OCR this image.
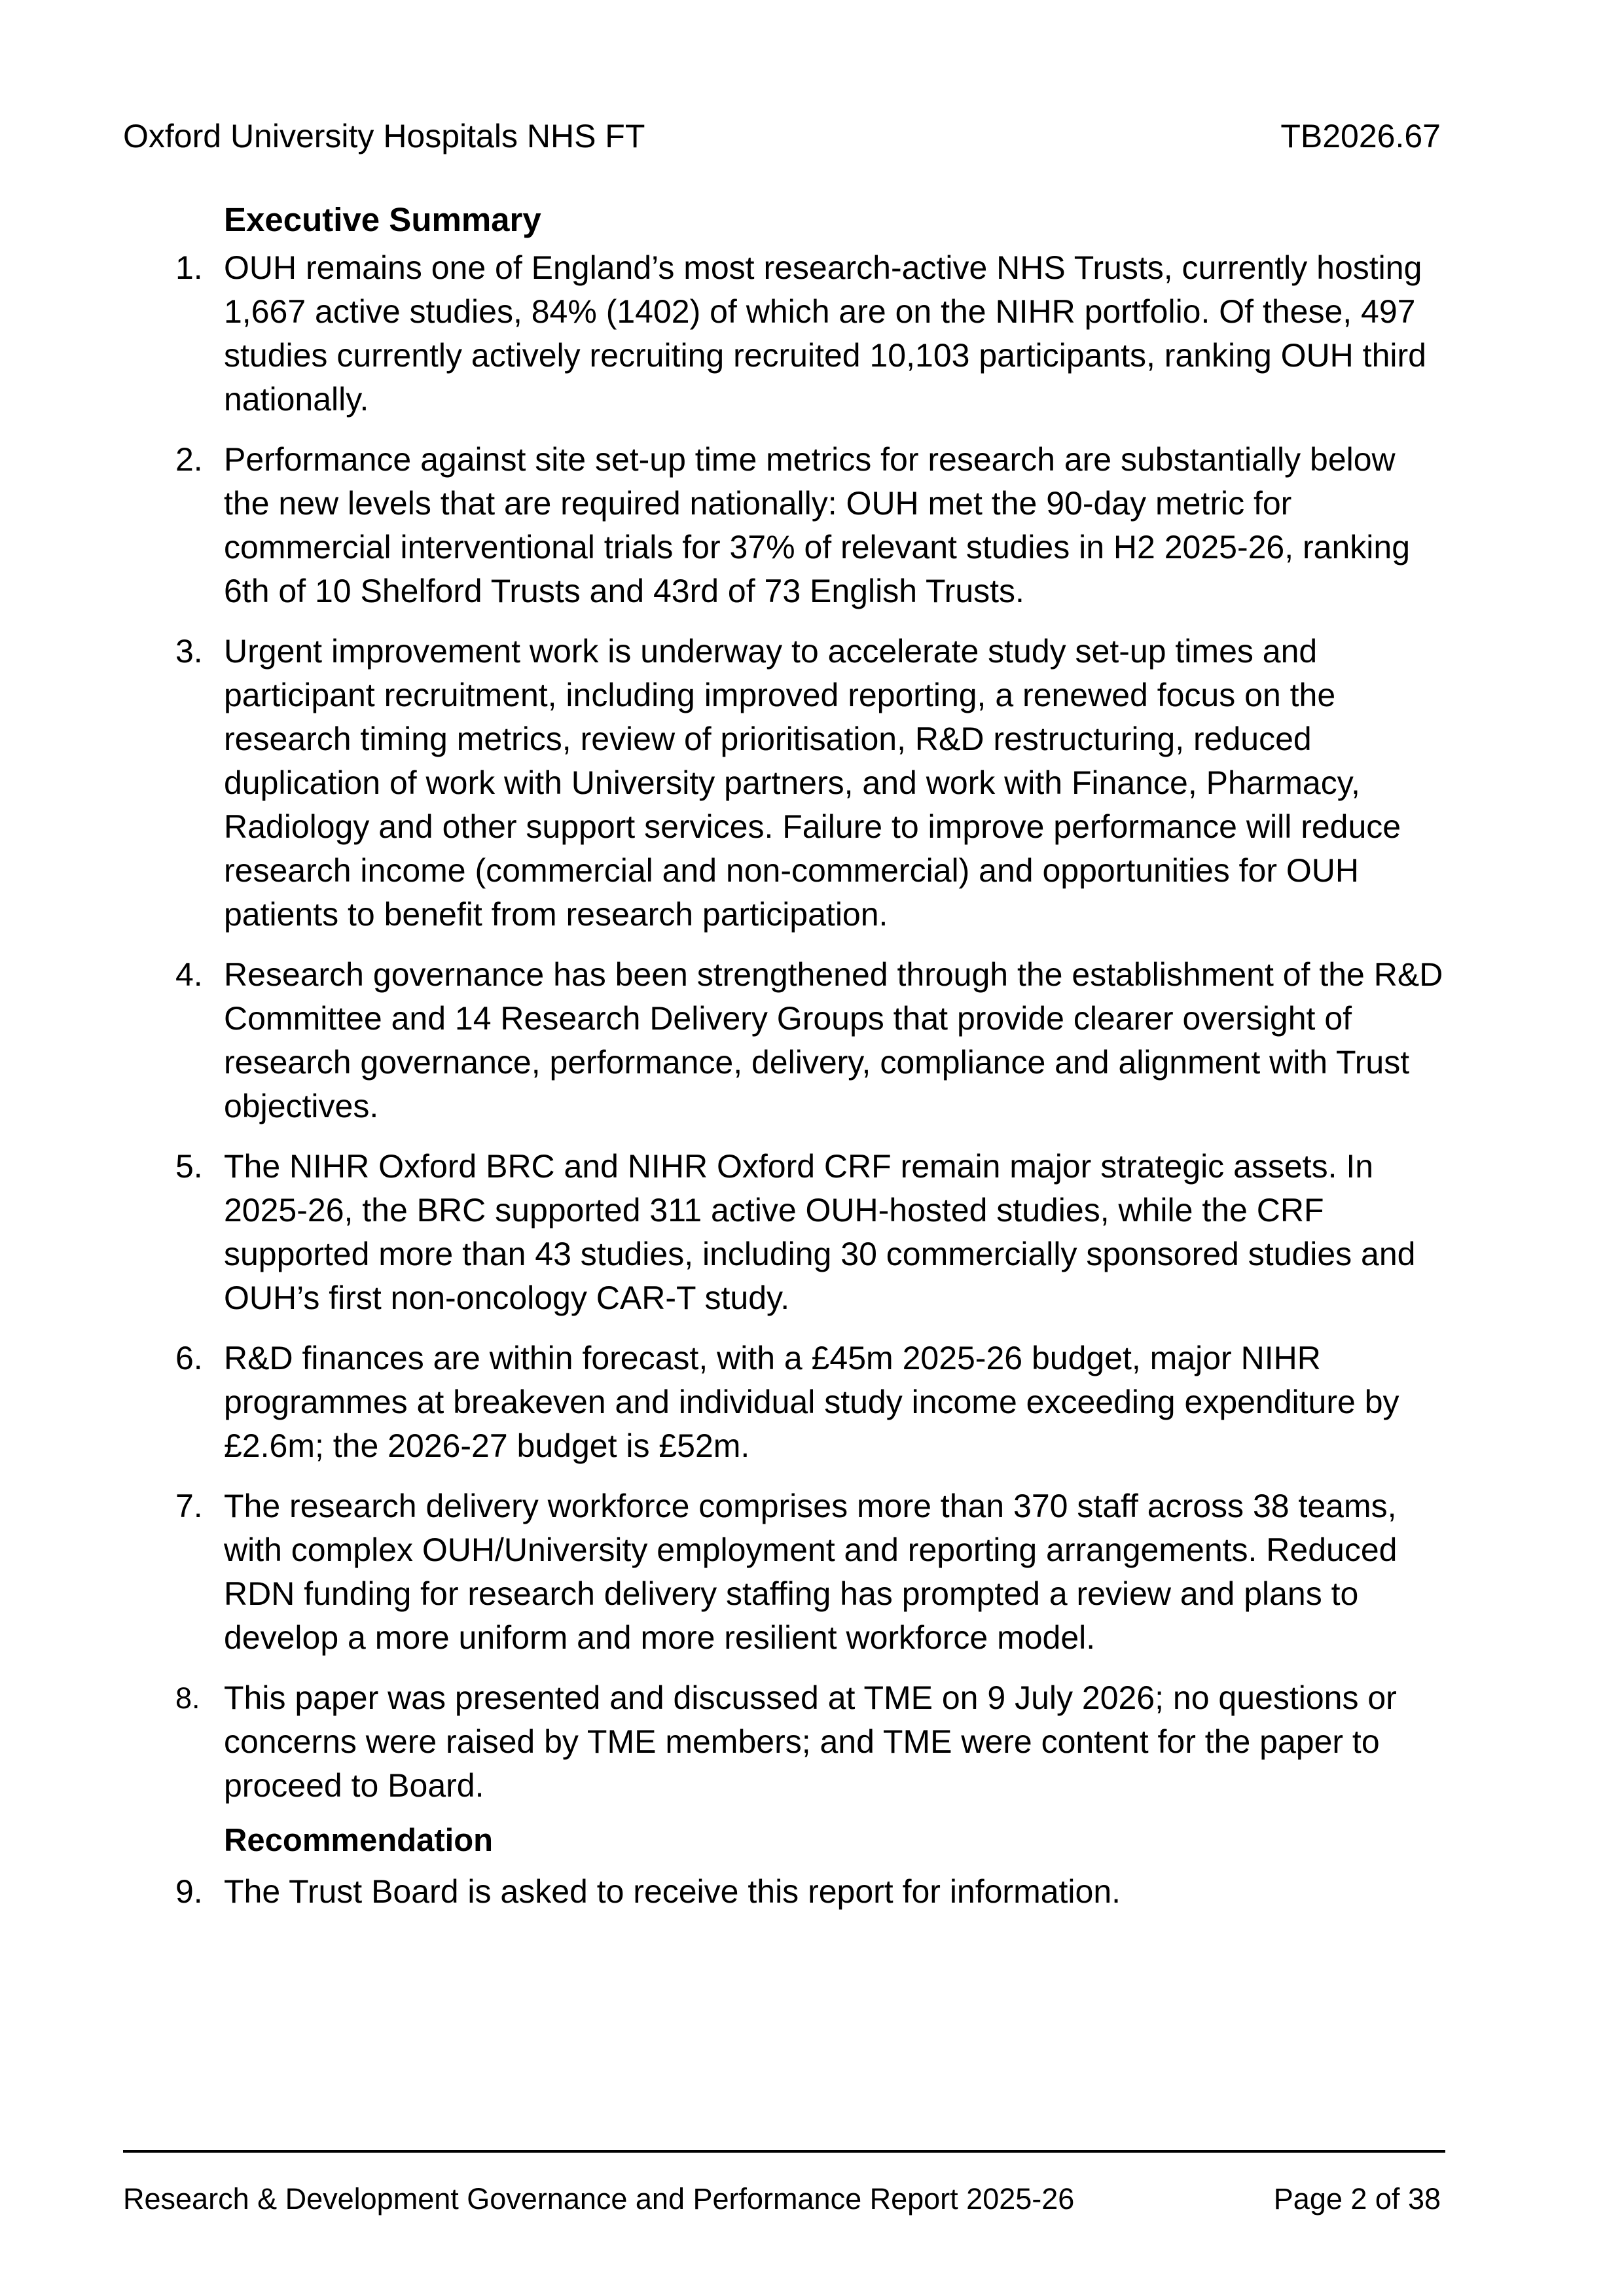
Oxford University Hospitals NHS FT	TB2026.67
Executive Summary
1. OUH remains one of England’s most research-active NHS Trusts, currently hosting 1,667 active studies, 84% (1402) of which are on the NIHR portfolio. Of these, 497 studies currently actively recruiting recruited 10,103 participants, ranking OUH third nationally.
2. Performance against site set-up time metrics for research are substantially below the new levels that are required nationally: OUH met the 90-day metric for commercial interventional trials for 37% of relevant studies in H2 2025-26, ranking 6th of 10 Shelford Trusts and 43rd of 73 English Trusts.
3. Urgent improvement work is underway to accelerate study set-up times and participant recruitment, including improved reporting, a renewed focus on the research timing metrics, review of prioritisation, R&D restructuring, reduced duplication of work with University partners, and work with Finance, Pharmacy, Radiology and other support services. Failure to improve performance will reduce research income (commercial and non-commercial) and opportunities for OUH patients to benefit from research participation.
4. Research governance has been strengthened through the establishment of the R&D Committee and 14 Research Delivery Groups that provide clearer oversight of research governance, performance, delivery, compliance and alignment with Trust objectives.
5. The NIHR Oxford BRC and NIHR Oxford CRF remain major strategic assets. In 2025-26, the BRC supported 311 active OUH-hosted studies, while the CRF supported more than 43 studies, including 30 commercially sponsored studies and OUH’s first non-oncology CAR-T study.
6. R&D finances are within forecast, with a £45m 2025-26 budget, major NIHR programmes at breakeven and individual study income exceeding expenditure by £2.6m; the 2026-27 budget is £52m.
7. The research delivery workforce comprises more than 370 staff across 38 teams, with complex OUH/University employment and reporting arrangements. Reduced RDN funding for research delivery staffing has prompted a review and plans to develop a more uniform and more resilient workforce model.
8. This paper was presented and discussed at TME on 9 July 2026; no questions or concerns were raised by TME members; and TME were content for the paper to proceed to Board.
Recommendation
9. The Trust Board is asked to receive this report for information.
Research & Development Governance and Performance Report 2025-26	Page 2 of 38
